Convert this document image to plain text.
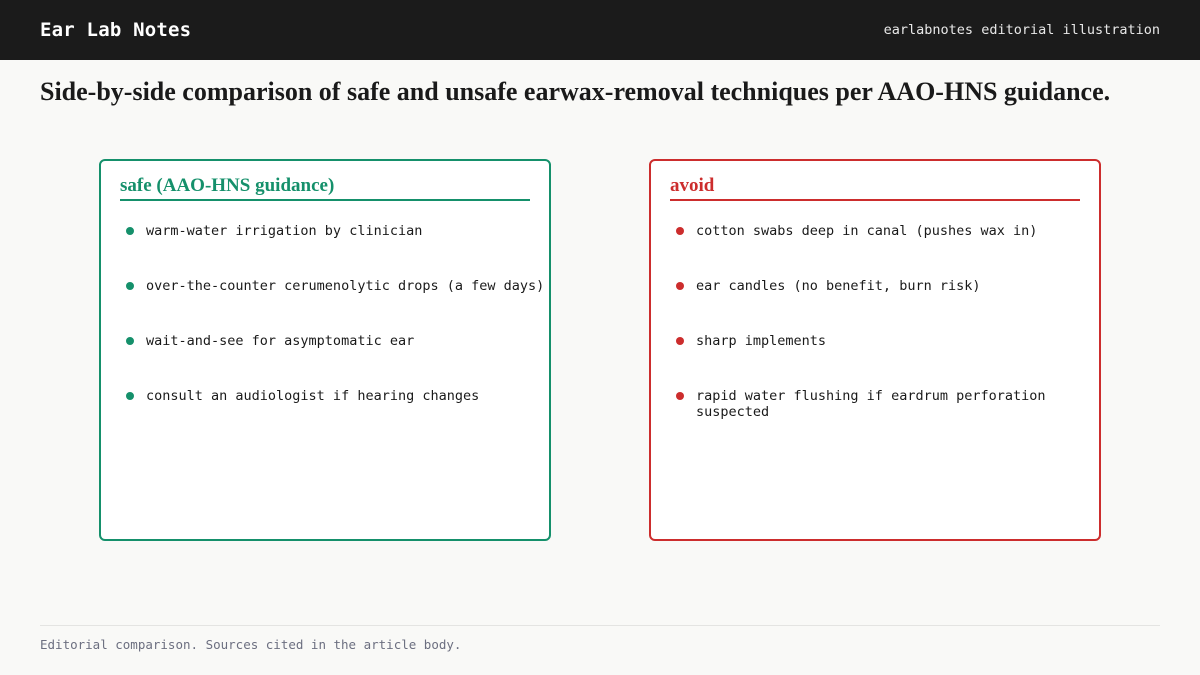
Ear Lab Notes	earlabnotes editorial illustration
Side-by-side comparison of safe and unsafe earwax-removal techniques per AAO-HNS guidance.
safe (AAO-HNS guidance)
warm-water irrigation by clinician
over-the-counter cerumenolytic drops (a few days)
wait-and-see for asymptomatic ear
consult an audiologist if hearing changes
avoid
cotton swabs deep in canal (pushes wax in)
ear candles (no benefit, burn risk)
sharp implements
rapid water flushing if eardrum perforation suspected
Editorial comparison. Sources cited in the article body.
